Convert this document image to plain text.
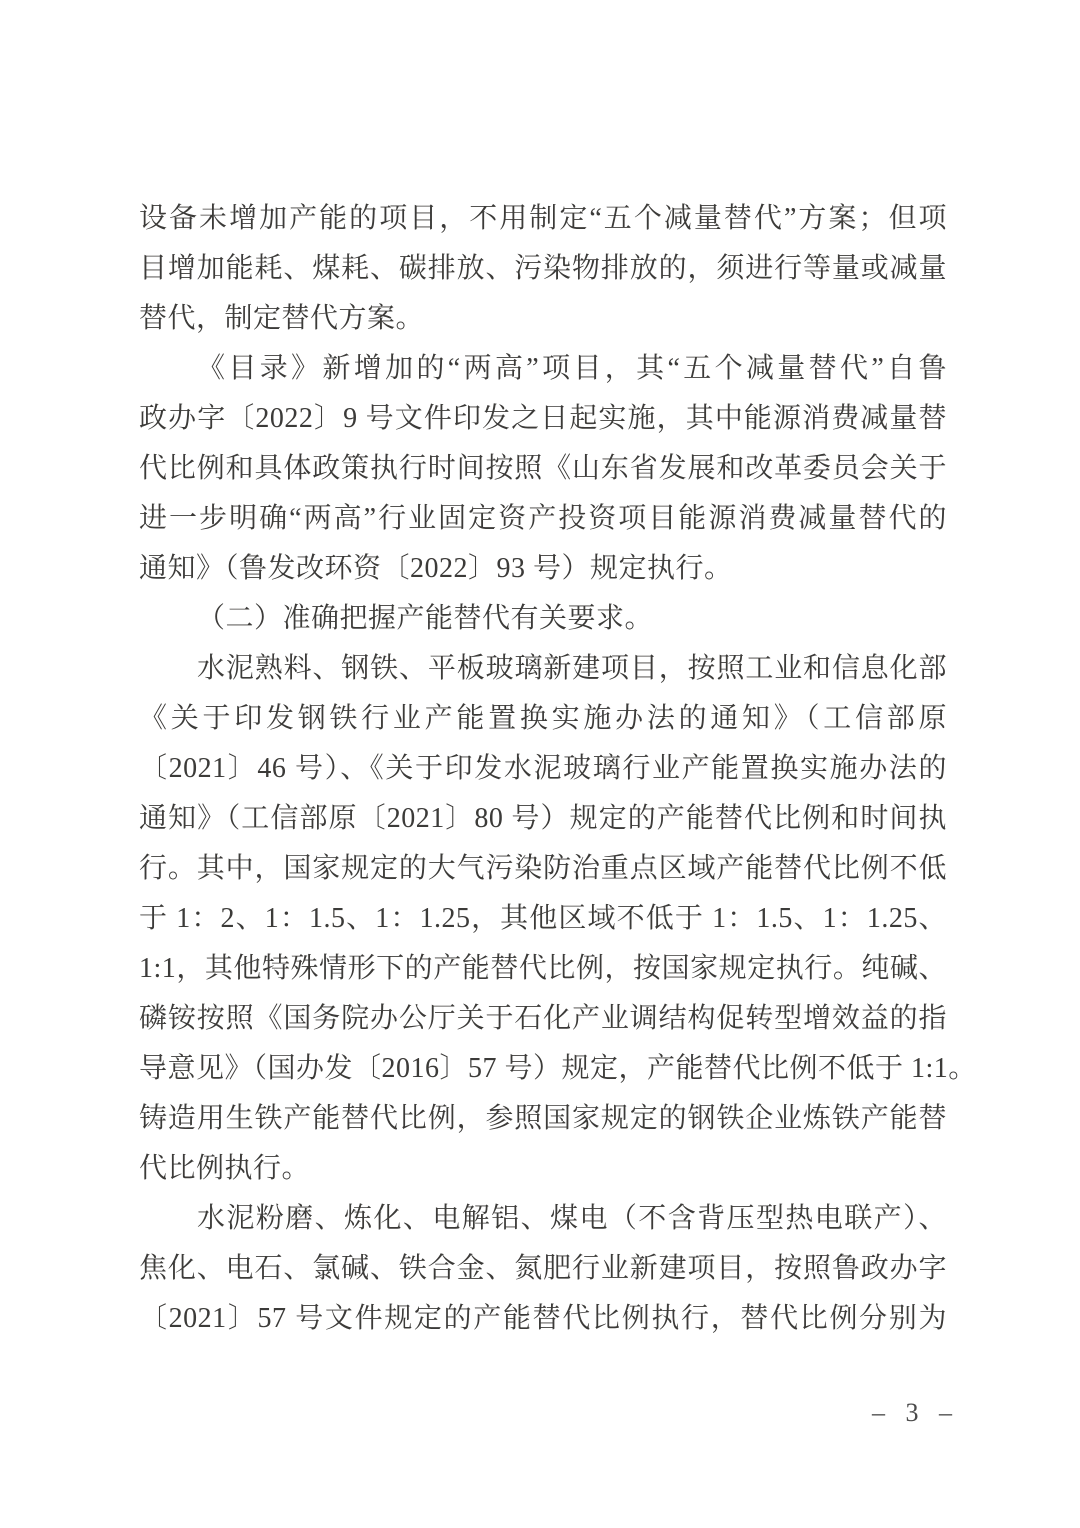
设备未增加产能的项目，不用制定“五个减量替代”方案；但项
目增加能耗、煤耗、碳排放、污染物排放的，须进行等量或减量
替代，制定替代方案。
《目录》新增加的“两高”项目，其“五个减量替代”自鲁
政办字〔2022〕9 号文件印发之日起实施，其中能源消费减量替
代比例和具体政策执行时间按照《山东省发展和改革委员会关于
进一步明确“两高”行业固定资产投资项目能源消费减量替代的
通知》（鲁发改环资〔2022〕93 号）规定执行。
（二）准确把握产能替代有关要求。
水泥熟料、钢铁、平板玻璃新建项目，按照工业和信息化部
《关于印发钢铁行业产能置换实施办法的通知》（工信部原
〔2021〕46 号）、《关于印发水泥玻璃行业产能置换实施办法的
通知》（工信部原〔2021〕80 号）规定的产能替代比例和时间执
行。其中，国家规定的大气污染防治重点区域产能替代比例不低
于 1：2、1：1.5、1：1.25，其他区域不低于 1：1.5、1：1.25、
1:1，其他特殊情形下的产能替代比例，按国家规定执行。纯碱、
磷铵按照《国务院办公厅关于石化产业调结构促转型增效益的指
导意见》（国办发〔2016〕57 号）规定，产能替代比例不低于 1:1。
铸造用生铁产能替代比例，参照国家规定的钢铁企业炼铁产能替
代比例执行。
水泥粉磨、炼化、电解铝、煤电（不含背压型热电联产）、
焦化、电石、氯碱、铁合金、氮肥行业新建项目，按照鲁政办字
〔2021〕57 号文件规定的产能替代比例执行，替代比例分别为
– 3 –
